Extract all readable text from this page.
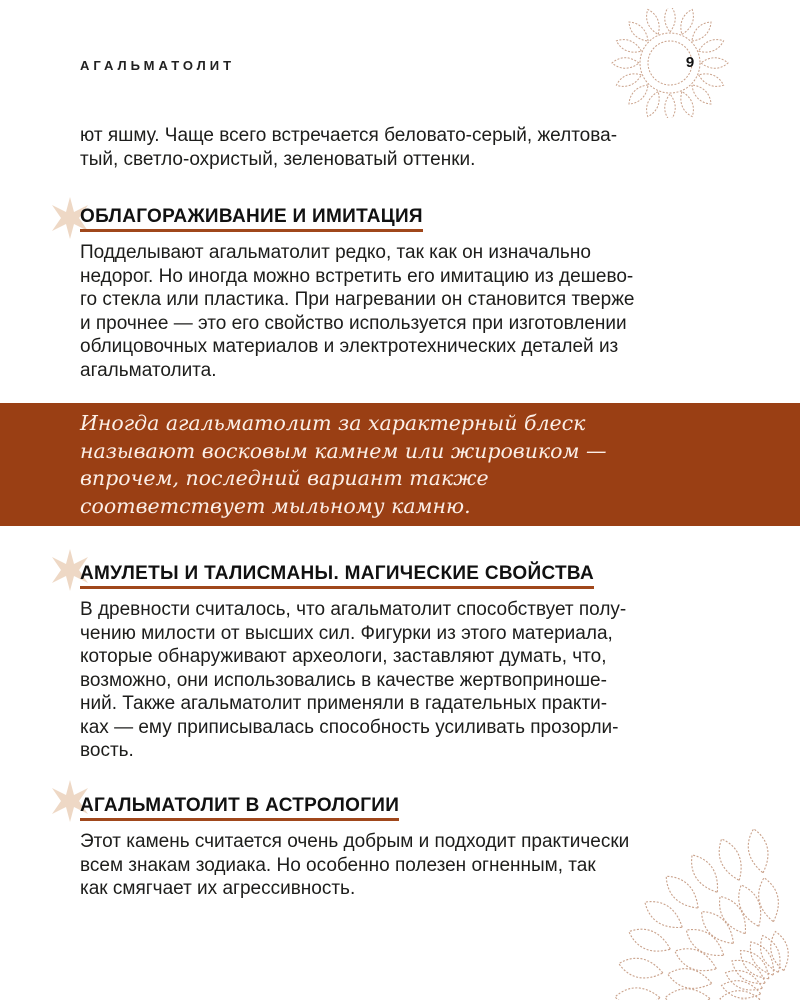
АГАЛЬМАТОЛИТ	9

ют яшму. Чаще всего встречается беловато-серый, желтова-
тый, светло-охристый, зеленоватый оттенки.

ОБЛАГОРАЖИВАНИЕ И ИМИТАЦИЯ

Подделывают агальматолит редко, так как он изначально
недорог. Но иногда можно встретить его имитацию из дешево-
го стекла или пластика. При нагревании он становится тверже
и прочнее — это его свойство используется при изготовлении
облицовочных материалов и электротехнических деталей из
агальматолита.

Иногда агальматолит за характерный блеск
называют восковым камнем или жировиком —
впрочем, последний вариант также
соответствует мыльному камню.

АМУЛЕТЫ И ТАЛИСМАНЫ. МАГИЧЕСКИЕ СВОЙСТВА

В древности считалось, что агальматолит способствует полу-
чению милости от высших сил. Фигурки из этого материала,
которые обнаруживают археологи, заставляют думать, что,
возможно, они использовались в качестве жертвоприноше-
ний. Также агальматолит применяли в гадательных практи-
ках — ему приписывалась способность усиливать прозорли-
вость.

АГАЛЬМАТОЛИТ В АСТРОЛОГИИ

Этот камень считается очень добрым и подходит практически
всем знакам зодиака. Но особенно полезен огненным, так
как смягчает их агрессивность.
